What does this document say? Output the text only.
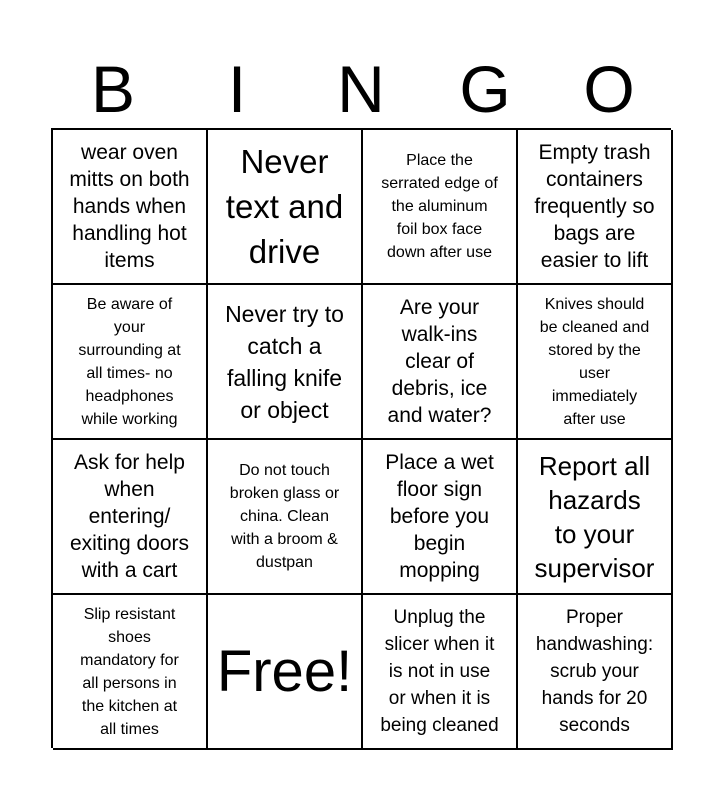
B	I	N	G	O
wear oven
mitts on both
hands when
handling hot
items
Never
text and
drive
Place the
serrated edge of
the aluminum
foil box face
down after use
Empty trash
containers
frequently so
bags are
easier to lift
Be aware of
your
surrounding at
all times- no
headphones
while working
Never try to
catch a
falling knife
or object
Are your
walk-ins
clear of
debris, ice
and water?
Knives should
be cleaned and
stored by the
user
immediately
after use
Ask for help
when
entering/
exiting doors
with a cart
Do not touch
broken glass or
china. Clean
with a broom &
dustpan
Place a wet
floor sign
before you
begin
mopping
Report all
hazards
to your
supervisor
Slip resistant
shoes
mandatory for
all persons in
the kitchen at
all times
Free!
Unplug the
slicer when it
is not in use
or when it is
being cleaned
Proper
handwashing:
scrub your
hands for 20
seconds
